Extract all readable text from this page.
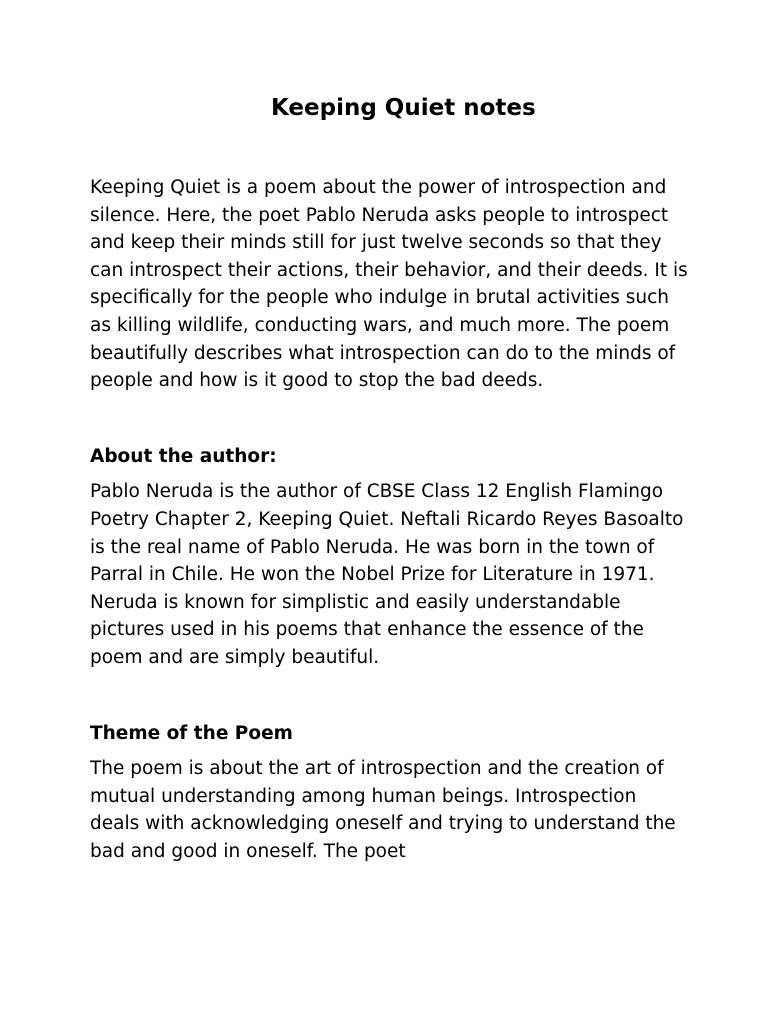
Keeping Quiet notes

Keeping Quiet is a poem about the power of introspection and silence. Here, the poet Pablo Neruda asks people to introspect and keep their minds still for just twelve seconds so that they can introspect their actions, their behavior, and their deeds. It is specifically for the people who indulge in brutal activities such as killing wildlife, conducting wars, and much more. The poem beautifully describes what introspection can do to the minds of people and how is it good to stop the bad deeds.

About the author:

Pablo Neruda is the author of CBSE Class 12 English Flamingo Poetry Chapter 2, Keeping Quiet. Neftali Ricardo Reyes Basoalto is the real name of Pablo Neruda. He was born in the town of Parral in Chile. He won the Nobel Prize for Literature in 1971. Neruda is known for simplistic and easily understandable pictures used in his poems that enhance the essence of the poem and are simply beautiful.

Theme of the Poem

The poem is about the art of introspection and the creation of mutual understanding among human beings. Introspection deals with acknowledging oneself and trying to understand the bad and good in oneself. The poet
